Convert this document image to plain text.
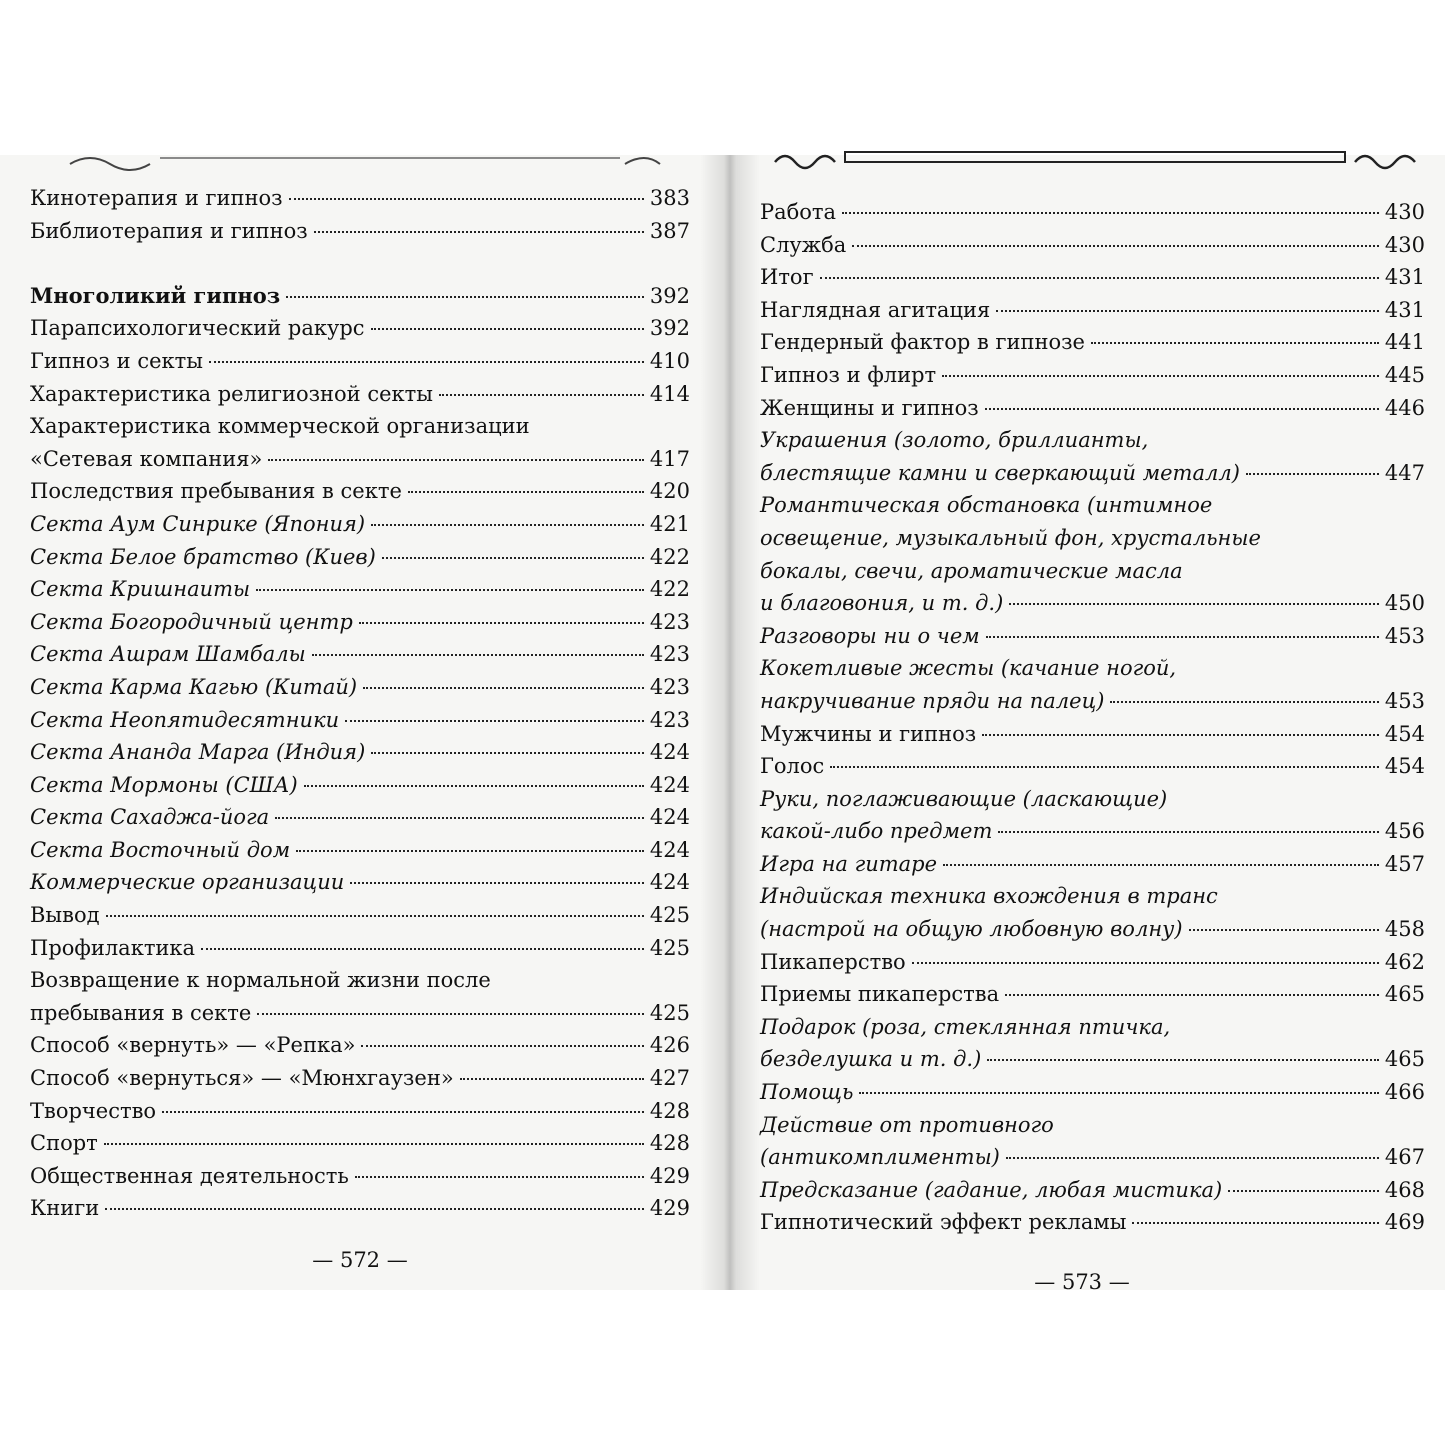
Кинотерапия и гипноз	383
Библиотерапия и гипноз	387
Многоликий гипноз	392
Парапсихологический ракурс	392
Гипноз и секты	410
Характеристика религиозной секты	414
Характеристика коммерческой организации
«Сетевая компания»	417
Последствия пребывания в секте	420
Секта Аум Синрике (Япония)	421
Секта Белое братство (Киев)	422
Секта Кришнаиты	422
Секта Богородичный центр	423
Секта Ашрам Шамбалы	423
Секта Карма Кагью (Китай)	423
Секта Неопятидесятники	423
Секта Ананда Марга (Индия)	424
Секта Мормоны (США)	424
Секта Сахаджа-йога	424
Секта Восточный дом	424
Коммерческие организации	424
Вывод	425
Профилактика	425
Возвращение к нормальной жизни после
пребывания в секте	425
Способ «вернуть» — «Репка»	426
Способ «вернуться» — «Мюнхгаузен»	427
Творчество	428
Спорт	428
Общественная деятельность	429
Книги	429
Работа	430
Служба	430
Итог	431
Наглядная агитация	431
Гендерный фактор в гипнозе	441
Гипноз и флирт	445
Женщины и гипноз	446
Украшения (золото, бриллианты,
блестящие камни и сверкающий металл)	447
Романтическая обстановка (интимное
освещение, музыкальный фон, хрустальные
бокалы, свечи, ароматические масла
и благовония, и т. д.)	450
Разговоры ни о чем	453
Кокетливые жесты (качание ногой,
накручивание пряди на палец)	453
Мужчины и гипноз	454
Голос	454
Руки, поглаживающие (ласкающие)
какой-либо предмет	456
Игра на гитаре	457
Индийская техника вхождения в транс
(настрой на общую любовную волну)	458
Пикаперство	462
Приемы пикаперства	465
Подарок (роза, стеклянная птичка,
безделушка и т. д.)	465
Помощь	466
Действие от противного
(антикомплименты)	467
Предсказание (гадание, любая мистика)	468
Гипнотический эффект рекламы	469
— 572 —
— 573 —
